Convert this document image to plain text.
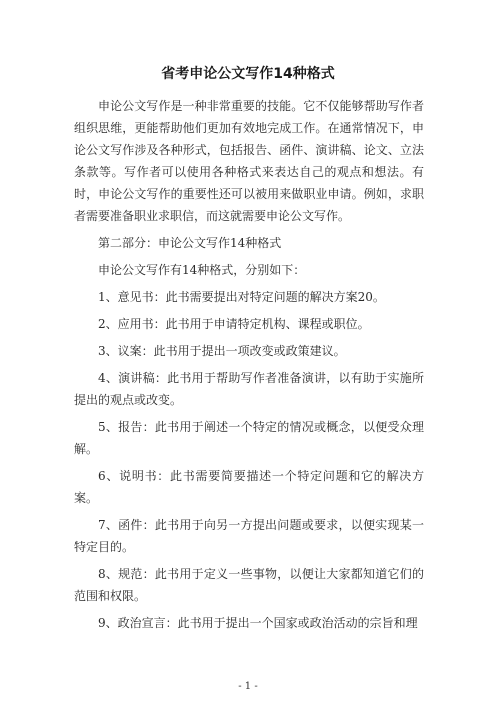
省考申论公文写作14种格式

申论公文写作是一种非常重要的技能。它不仅能够帮助写作者组织思维，更能帮助他们更加有效地完成工作。在通常情况下，申论公文写作涉及各种形式，包括报告、函件、演讲稿、论文、立法条款等。写作者可以使用各种格式来表达自己的观点和想法。有时，申论公文写作的重要性还可以被用来做职业申请。例如，求职者需要准备职业求职信，而这就需要申论公文写作。

第二部分：申论公文写作14种格式

申论公文写作有14种格式，分别如下：

1、意见书：此书需要提出对特定问题的解决方案20。

2、应用书：此书用于申请特定机构、课程或职位。

3、议案：此书用于提出一项改变或政策建议。

4、演讲稿：此书用于帮助写作者准备演讲，以有助于实施所提出的观点或改变。

5、报告：此书用于阐述一个特定的情况或概念，以便受众理解。

6、说明书：此书需要简要描述一个特定问题和它的解决方案。

7、函件：此书用于向另一方提出问题或要求，以便实现某一特定目的。

8、规范：此书用于定义一些事物，以便让大家都知道它们的范围和权限。

9、政治宣言：此书用于提出一个国家或政治活动的宗旨和理

- 1 -
